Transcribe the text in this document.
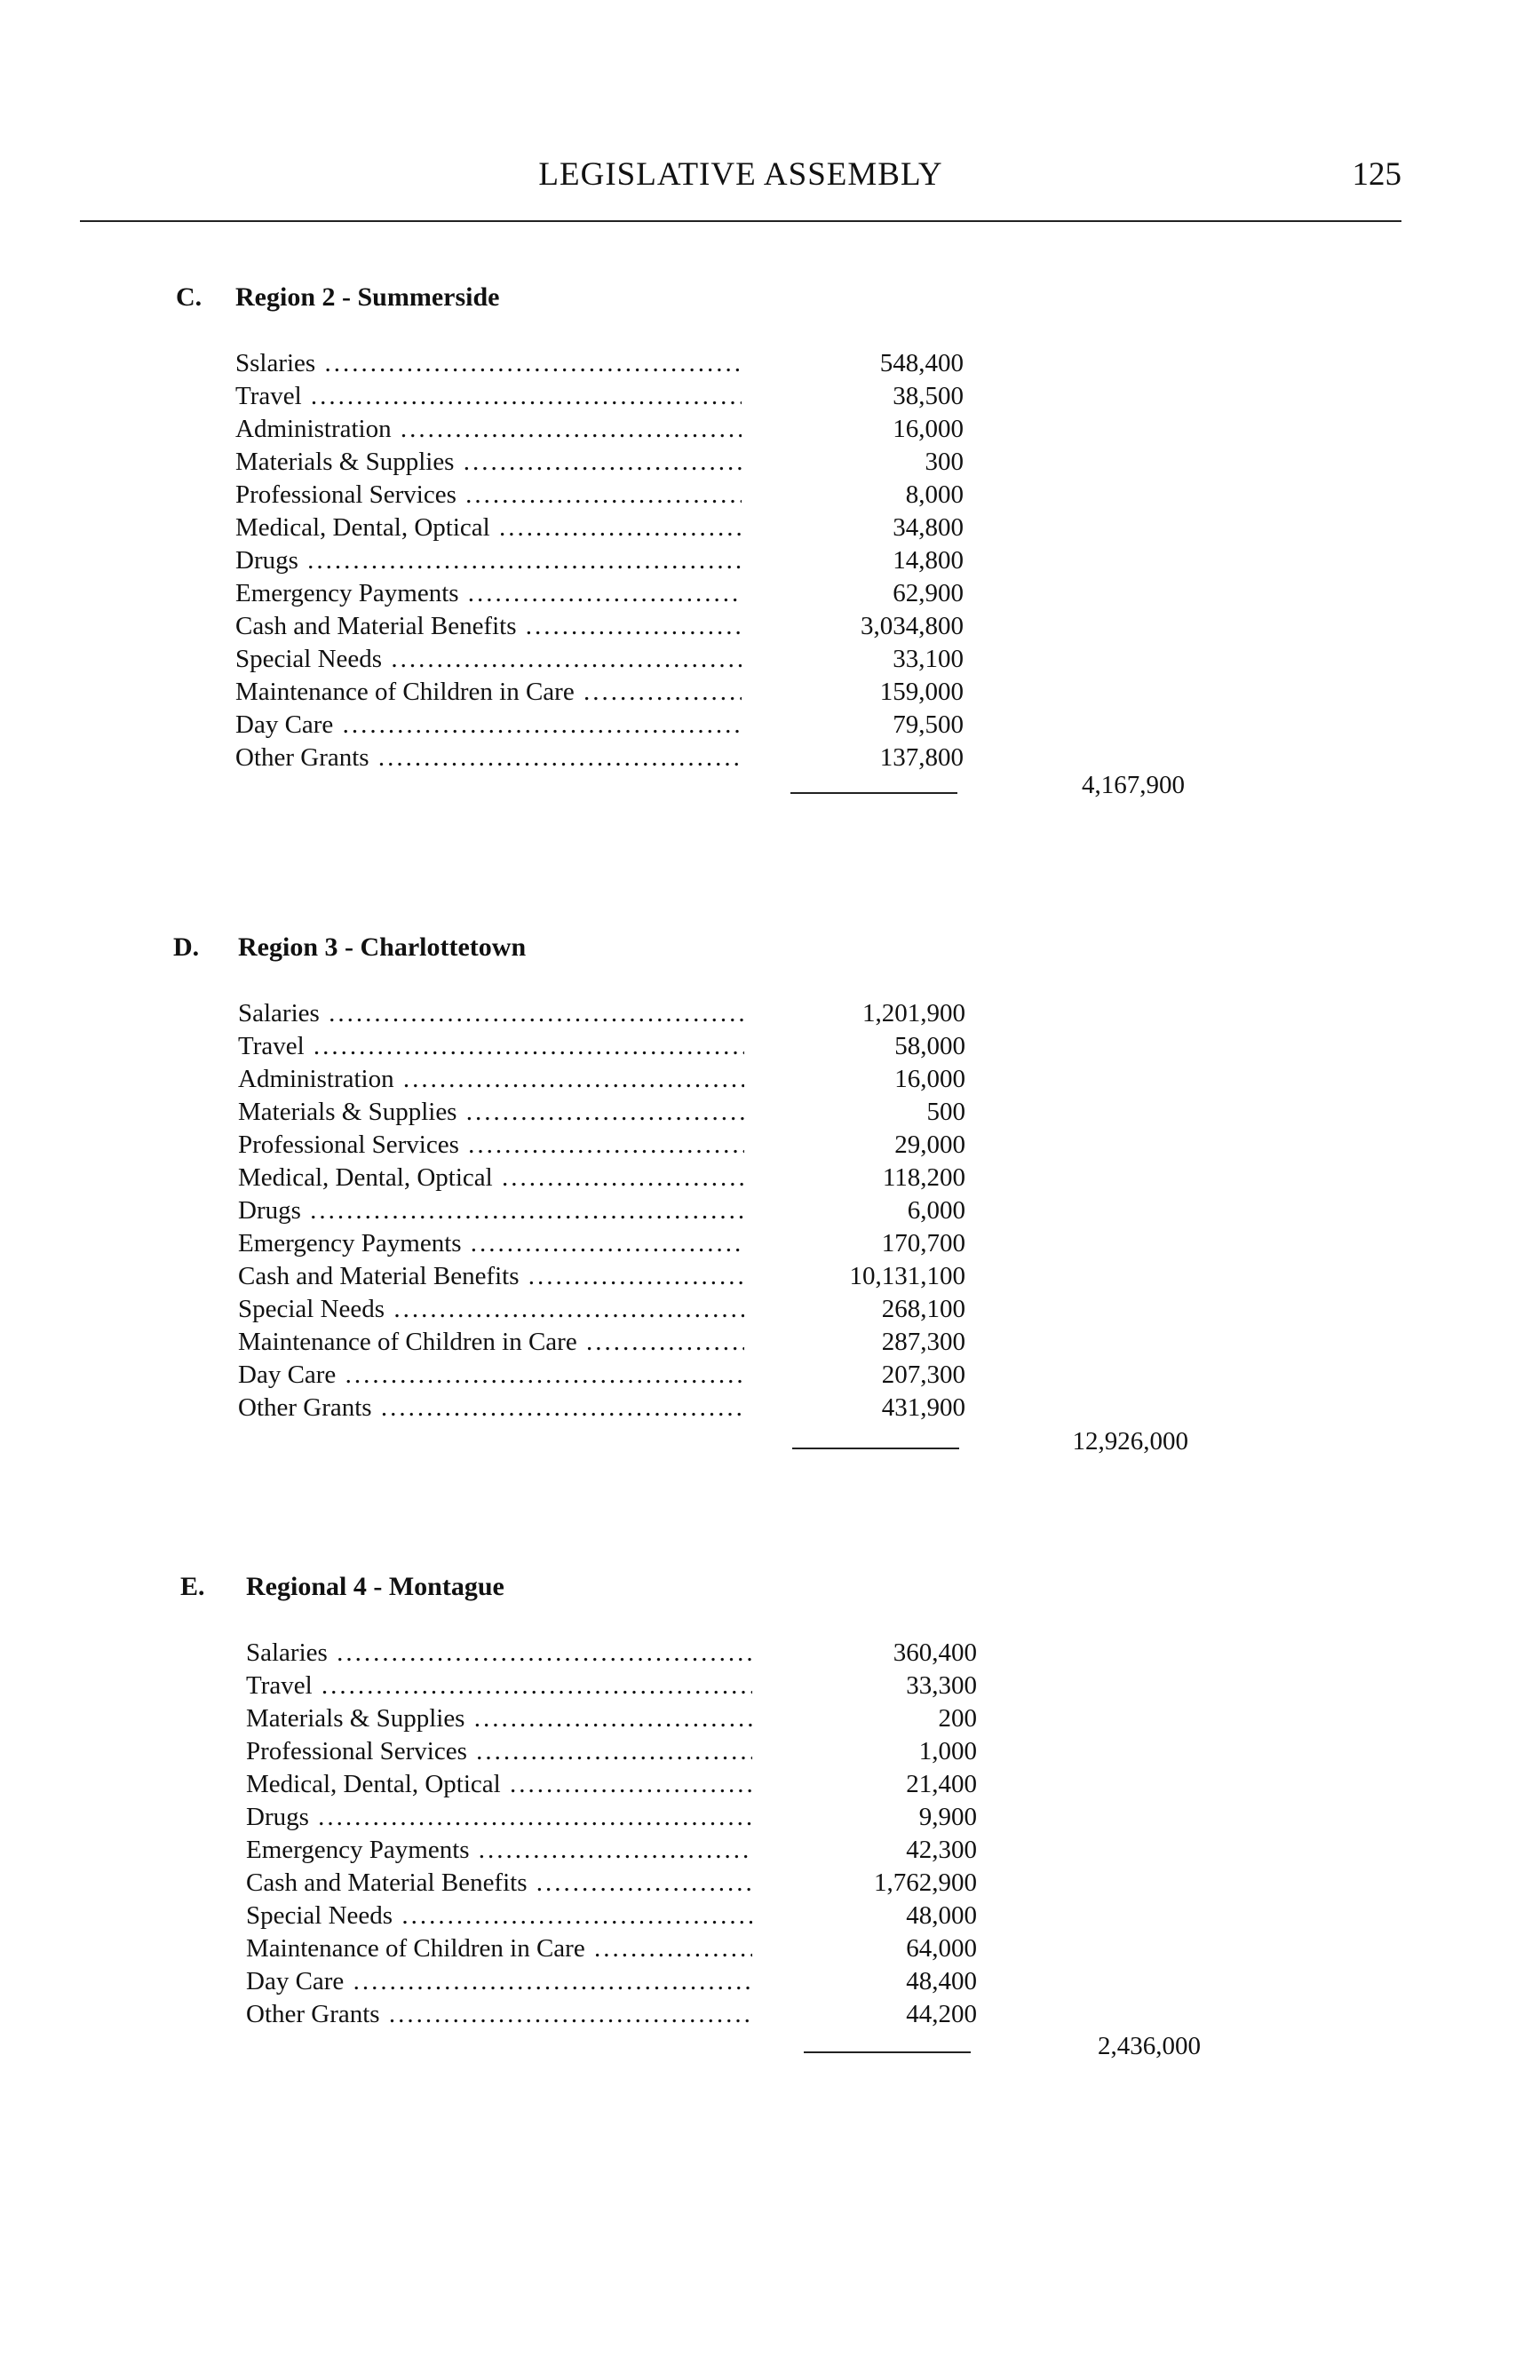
LEGISLATIVE ASSEMBLY	125
C. Region 2 - Summerside
Sslaries .....	548,400
Travel .....	38,500
Administration .....	16,000
Materials & Supplies .....	300
Professional Services .....	8,000
Medical, Dental, Optical .....	34,800
Drugs .....	14,800
Emergency Payments .....	62,900
Cash and Material Benefits .....	3,034,800
Special Needs .....	33,100
Maintenance of Children in Care .....	159,000
Day Care .....	79,500
Other Grants .....	137,800
4,167,900
D. Region 3 - Charlottetown
Salaries .....	1,201,900
Travel .....	58,000
Administration .....	16,000
Materials & Supplies .....	500
Professional Services .....	29,000
Medical, Dental, Optical .....	118,200
Drugs .....	6,000
Emergency Payments .....	170,700
Cash and Material Benefits .....	10,131,100
Special Needs .....	268,100
Maintenance of Children in Care .....	287,300
Day Care .....	207,300
Other Grants .....	431,900
12,926,000
E. Regional 4 - Montague
Salaries .....	360,400
Travel .....	33,300
Materials & Supplies .....	200
Professional Services .....	1,000
Medical, Dental, Optical .....	21,400
Drugs .....	9,900
Emergency Payments .....	42,300
Cash and Material Benefits .....	1,762,900
Special Needs .....	48,000
Maintenance of Children in Care .....	64,000
Day Care .....	48,400
Other Grants .....	44,200
2,436,000
